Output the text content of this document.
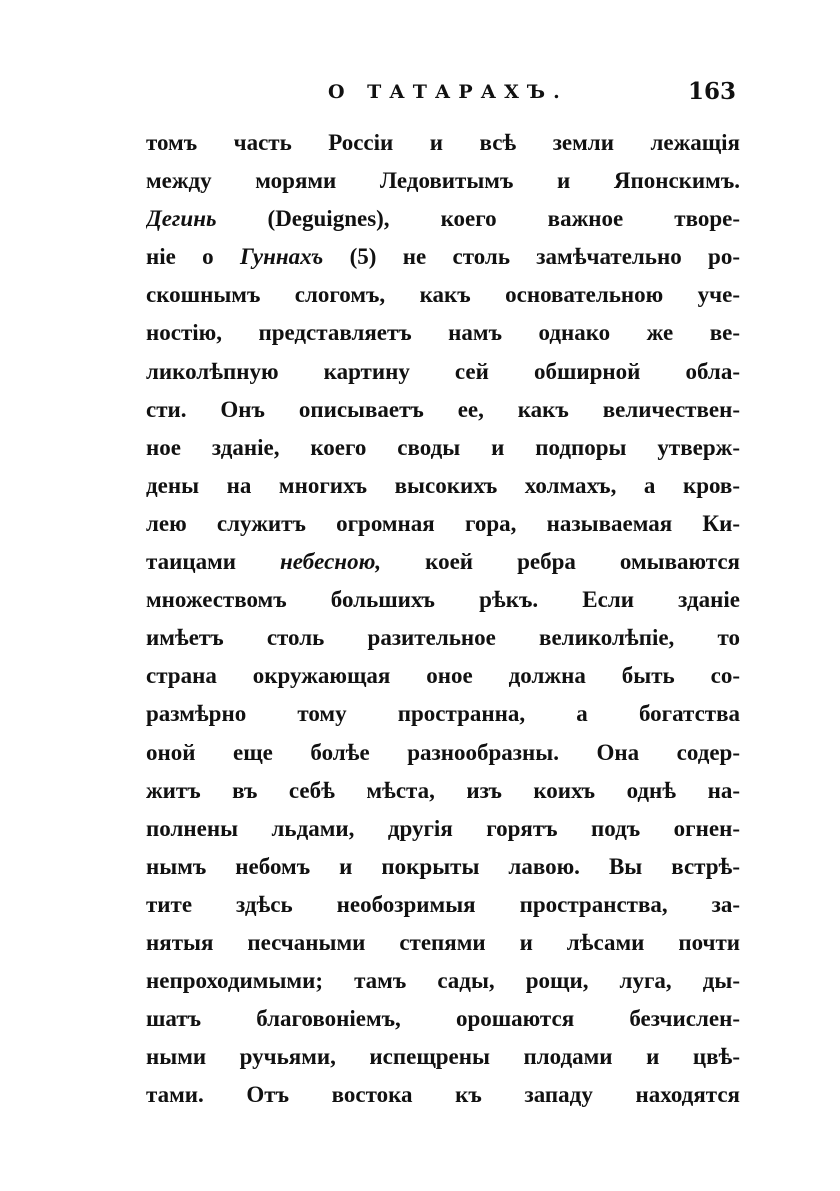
О ТАТАРАХЪ.	163
томъ часть Россіи и всѣ земли лежащія
между морями Ледовитымъ и Японскимъ.
Дегинь (Deguignes), коего важное творе-
ніе о Гуннахъ (5) не столь замѣчательно ро-
скошнымъ слогомъ, какъ основательною уче-
ностію, представляетъ намъ однако же ве-
ликолѣпную картину сей обширной обла-
сти. Онъ описываетъ ее, какъ величествен-
ное зданіе, коего своды и подпоры утверж-
дены на многихъ высокихъ холмахъ, а кров-
лею служитъ огромная гора, называемая Ки-
таицами небесною, коей ребра омываются
множествомъ большихъ рѣкъ. Если зданіе
имѣетъ столь разительное великолѣпіе, то
страна окружающая оное должна быть со-
размѣрно тому пространна, а богатства
оной еще болѣе разнообразны. Она содер-
житъ въ себѣ мѣста, изъ коихъ однѣ на-
полнены льдами, другія горятъ подъ огнен-
нымъ небомъ и покрыты лавою. Вы встрѣ-
тите здѣсь необозримыя пространства, за-
нятыя песчаными степями и лѣсами почти
непроходимыми; тамъ сады, рощи, луга, ды-
шатъ благовоніемъ, орошаются безчислен-
ными ручьями, испещрены плодами и цвѣ-
тами. Отъ востока къ западу находятся
